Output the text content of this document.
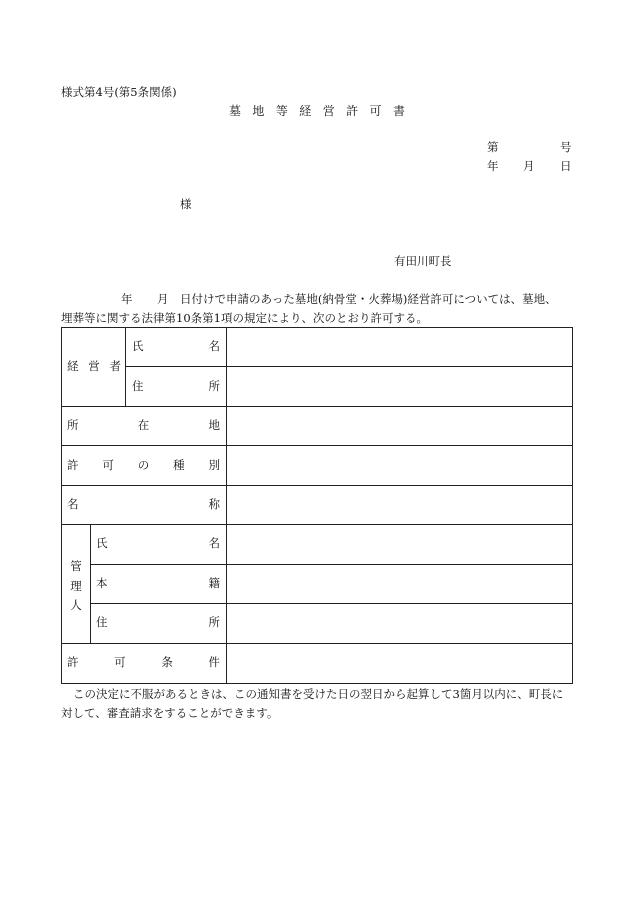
様式第4号(第5条関係)
墓 地 等 経 営 許 可 書
第	号
年 月 日
様
有田川町長
年 月 日付けで申請のあった墓地(納骨堂・火葬場)経営許可については、墓地、
埋葬等に関する法律第10条第1項の規定により、次のとおり許可する。
経 営 者
氏	名
住	所
所	在	地
許 可 の 種 別
名	称
管
理
人
氏	名
本	籍
住	所
許	可	条	件
この決定に不服があるときは、この通知書を受けた日の翌日から起算して3箇月以内に、町長に
対して、審査請求をすることができます。
